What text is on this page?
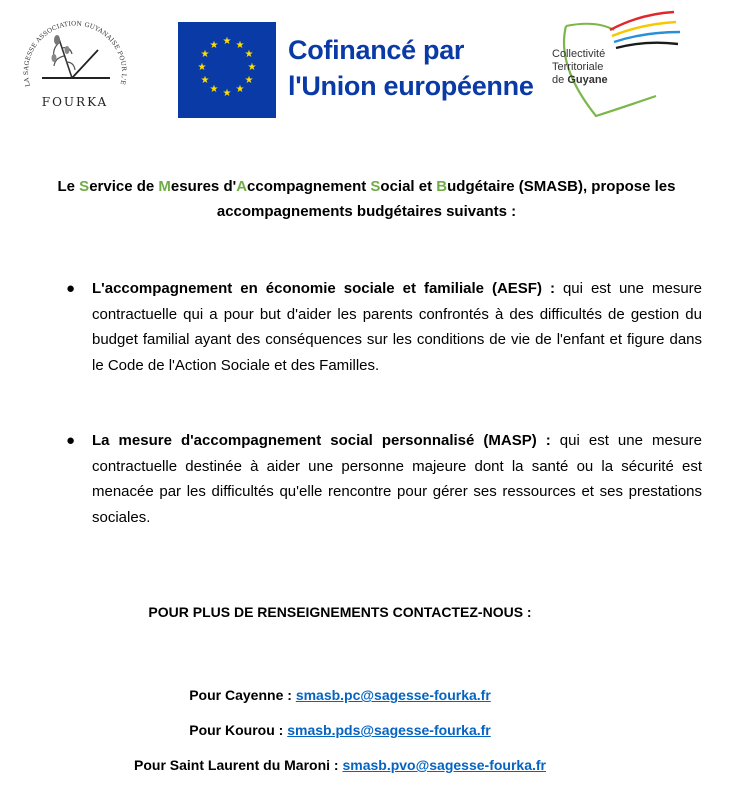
LA SAGESSE ASSOCIATION GUYANAISE POUR L'E
FOURKA
★ ★
★
★
★
★
★
★
★
★
★
★	Cofinancé par
l'Union européenne
Collectivité
Territoriale
de Guyane
Le Service de Mesures d'Accompagnement Social et Budgétaire (SMASB), propose les
accompagnements budgétaires suivants :
● L'accompagnement en économie sociale et familiale (AESF) : qui est une mesure contractuelle qui a pour but d'aider les parents confrontés à des difficultés de gestion du budget familial ayant des conséquences sur les conditions de vie de l'enfant et figure dans le Code de l'Action Sociale et des Familles.
● La mesure d'accompagnement social personnalisé (MASP) : qui est une mesure contractuelle destinée à aider une personne majeure dont la santé ou la sécurité est menacée par les difficultés qu'elle rencontre pour gérer ses ressources et ses prestations sociales.
POUR PLUS DE RENSEIGNEMENTS CONTACTEZ-NOUS :
Pour Cayenne : smasb.pc@sagesse-fourka.fr
Pour Kourou : smasb.pds@sagesse-fourka.fr
Pour Saint Laurent du Maroni : smasb.pvo@sagesse-fourka.fr
